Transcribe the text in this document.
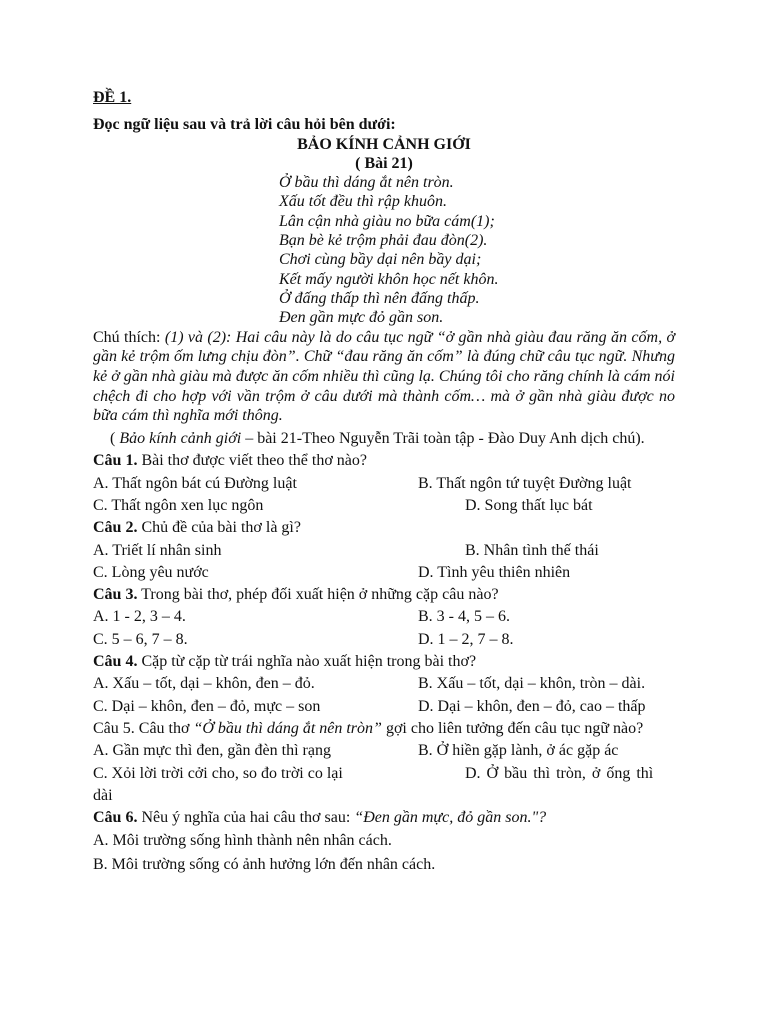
ĐỀ 1.
Đọc ngữ liệu sau và trả lời câu hỏi bên dưới:
BẢO KÍNH CẢNH GIỚI
( Bài 21)
Ở bầu thì dáng ắt nên tròn.
Xấu tốt đều thì rập khuôn.
Lân cận nhà giàu no bữa cám(1);
Bạn bè kẻ trộm phải đau đòn(2).
Chơi cùng bầy dại nên bầy dại;
Kết mấy người khôn học nết khôn.
Ở đấng thấp thì nên đấng thấp.
Đen gần mực đỏ gần son.
Chú thích: (1) và (2): Hai câu này là do câu tục ngữ “ở gần nhà giàu đau răng ăn cốm, ở gần kẻ trộm ốm lưng chịu đòn”. Chữ “đau răng ăn cốm” là đúng chữ câu tục ngữ. Nhưng kẻ ở gần nhà giàu mà được ăn cốm nhiều thì cũng lạ. Chúng tôi cho răng chính là cám nói chệch đi cho hợp với vần trộm ở câu dưới mà thành cốm… mà ở gần nhà giàu được no bữa cám thì nghĩa mới thông.
( Bảo kính cảnh giới – bài 21-Theo Nguyễn Trãi toàn tập - Đào Duy Anh dịch chú).
Câu 1. Bài thơ được viết theo thể thơ nào?
A. Thất ngôn bát cú Đường luật	B. Thất ngôn tứ tuyệt Đường luật
C. Thất ngôn xen lục ngôn	D. Song thất lục bát
Câu 2. Chủ đề của bài thơ là gì?
A. Triết lí nhân sinh	B. Nhân tình thế thái
C. Lòng yêu nước	D. Tình yêu thiên nhiên
Câu 3. Trong bài thơ, phép đối xuất hiện ở những cặp câu nào?
A. 1 - 2, 3 – 4.	B. 3 - 4, 5 – 6.
C. 5 – 6, 7 – 8.	D. 1 – 2, 7 – 8.
Câu 4. Cặp từ cặp từ trái nghĩa nào xuất hiện trong bài thơ?
A. Xấu – tốt, dại – khôn, đen – đỏ.	B. Xấu – tốt, dại – khôn, tròn – dài.
C. Dại – khôn, đen – đỏ, mực – son	D. Dại – khôn, đen – đỏ, cao – thấp
Câu 5. Câu thơ “Ở bầu thì dáng ắt nên tròn” gợi cho liên tưởng đến câu tục ngữ nào?
A. Gần mực thì đen, gần đèn thì rạng	B. Ở hiền gặp lành, ở ác gặp ác
C. Xỏi lời trời cởi cho, so đo trời co lại	D. Ở bầu thì tròn, ở ống thì
dài
Câu 6. Nêu ý nghĩa của hai câu thơ sau: “Đen gần mực, đỏ gần son."?
A. Môi trường sống hình thành nên nhân cách.
B. Môi trường sống có ảnh hưởng lớn đến nhân cách.
